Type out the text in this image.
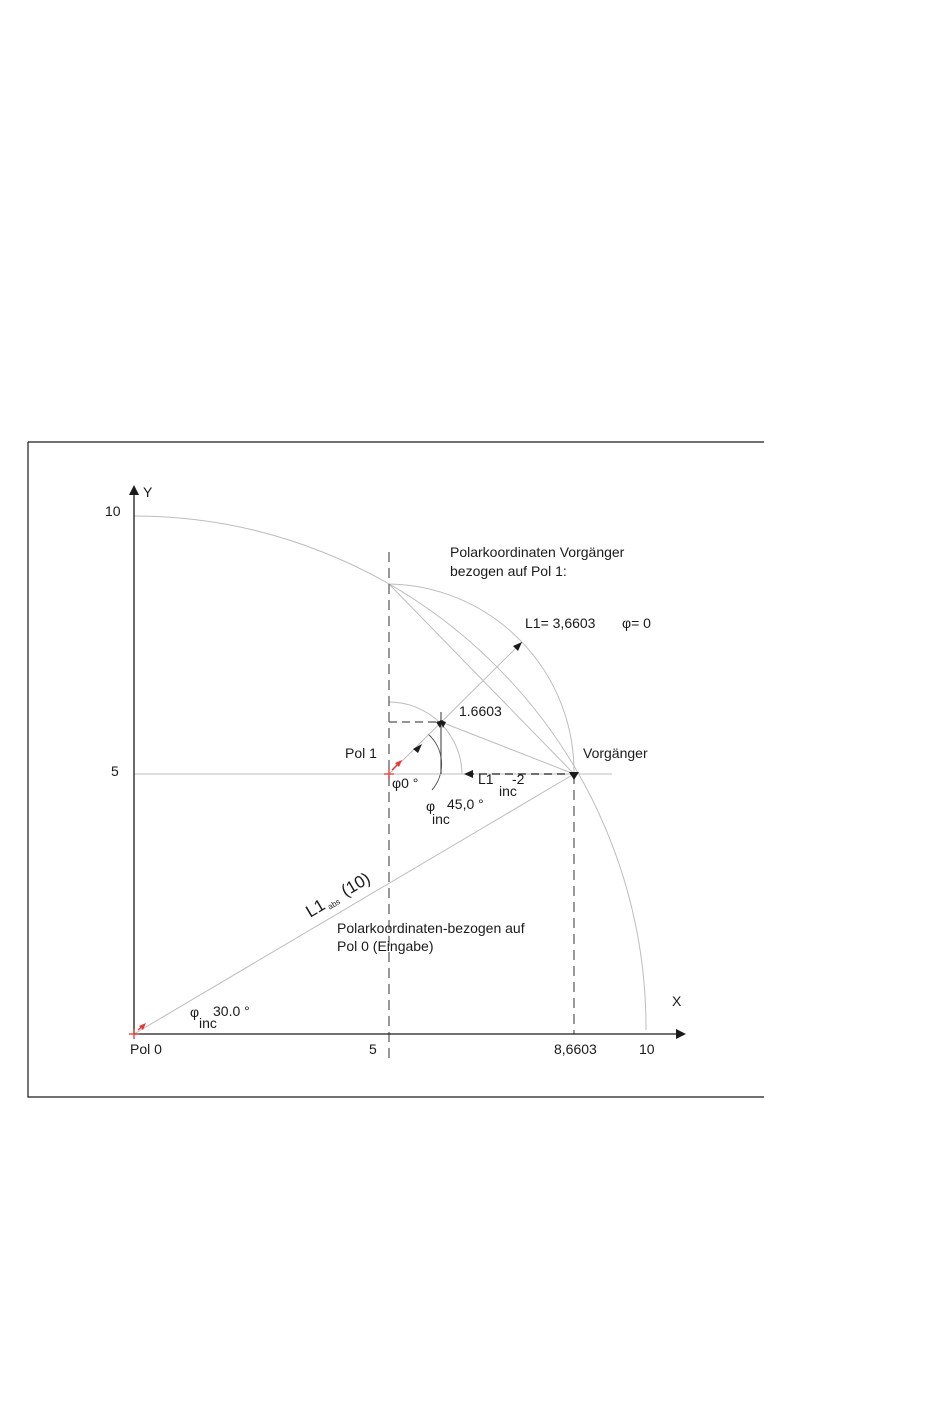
Y
X
10
5
5	8,6603	10
Polarkoordinaten Vorgänger
bezogen auf Pol 1:
L1= 3,6603 φ= 0
1.6603
Pol 1	Vorgänger
φ0 °	L1 -2
inc
φ 45,0 °
inc
L1
abs
(10)
Polarkoordinaten-bezogen auf
Pol 0 (Eingabe)
φ 30.0 °
inc
Pol 0
